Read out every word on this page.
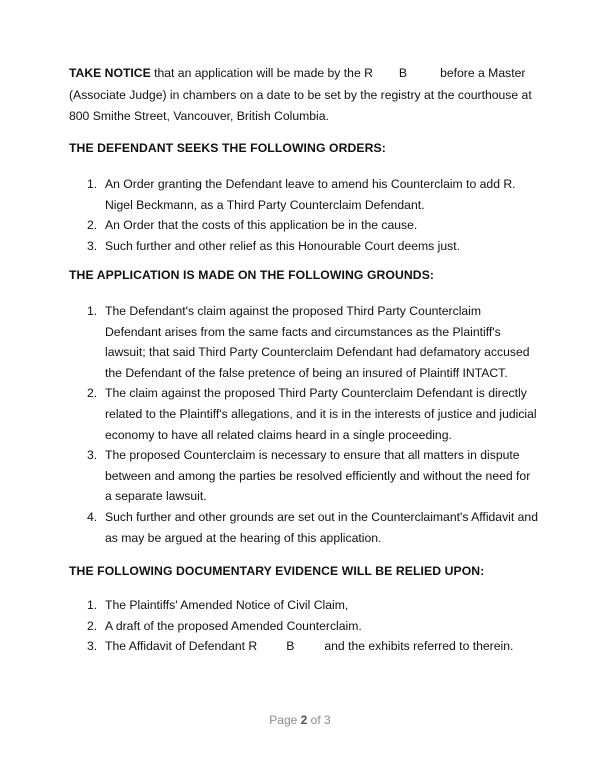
TAKE NOTICE that an application will be made by the R B	before a Master (Associate Judge) in chambers on a date to be set by the registry at the courthouse at 800 Smithe Street, Vancouver, British Columbia.

THE DEFENDANT SEEKS THE FOLLOWING ORDERS:

1. An Order granting the Defendant leave to amend his Counterclaim to add R. Nigel Beckmann, as a Third Party Counterclaim Defendant.
2. An Order that the costs of this application be in the cause.
3. Such further and other relief as this Honourable Court deems just.

THE APPLICATION IS MADE ON THE FOLLOWING GROUNDS:

1. The Defendant's claim against the proposed Third Party Counterclaim Defendant arises from the same facts and circumstances as the Plaintiff's lawsuit; that said Third Party Counterclaim Defendant had defamatory accused the Defendant of the false pretence of being an insured of Plaintiff INTACT.
2. The claim against the proposed Third Party Counterclaim Defendant is directly related to the Plaintiff's allegations, and it is in the interests of justice and judicial economy to have all related claims heard in a single proceeding.
3. The proposed Counterclaim is necessary to ensure that all matters in dispute between and among the parties be resolved efficiently and without the need for a separate lawsuit.
4. Such further and other grounds are set out in the Counterclaimant's Affidavit and as may be argued at the hearing of this application.

THE FOLLOWING DOCUMENTARY EVIDENCE WILL BE RELIED UPON:

1. The Plaintiffs' Amended Notice of Civil Claim,
2. A draft of the proposed Amended Counterclaim.
3. The Affidavit of Defendant R B and the exhibits referred to therein.
Page 2 of 3
